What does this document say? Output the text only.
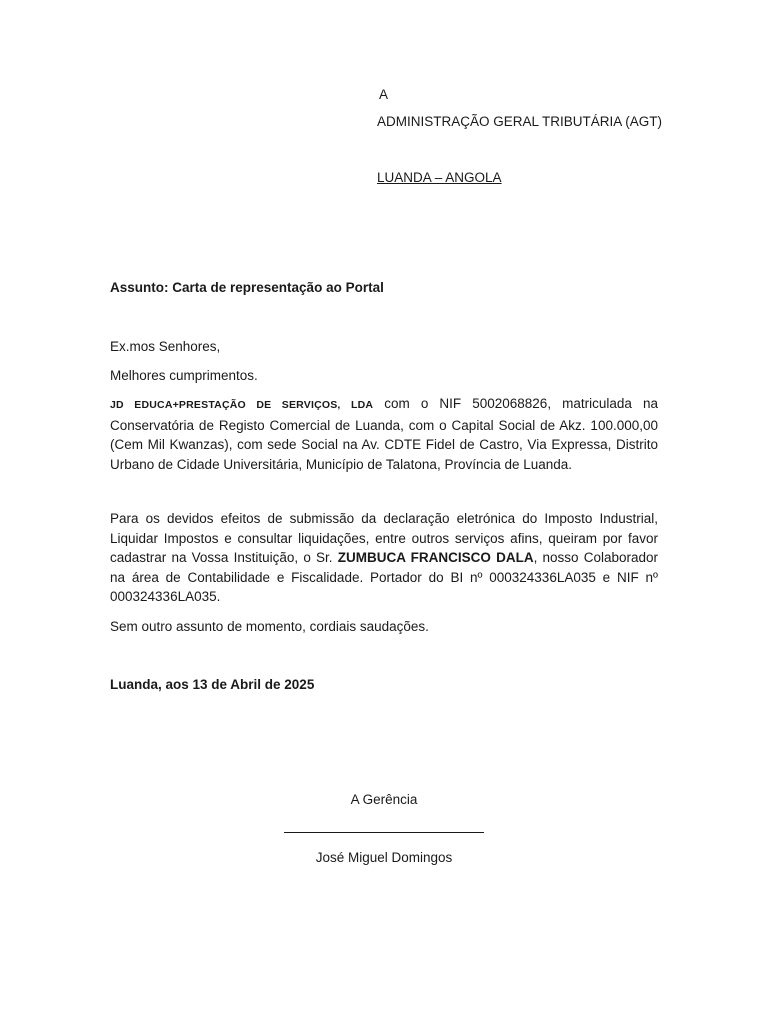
A
ADMINISTRAÇÃO GERAL TRIBUTÁRIA (AGT)
LUANDA – ANGOLA
Assunto: Carta de representação ao Portal
Ex.mos Senhores,
Melhores cumprimentos.
JD EDUCA+PRESTAÇÃO DE SERVIÇOS, LDA com o NIF 5002068826, matriculada na Conservatória de Registo Comercial de Luanda, com o Capital Social de Akz. 100.000,00 (Cem Mil Kwanzas), com sede Social na Av. CDTE Fidel de Castro, Via Expressa, Distrito Urbano de Cidade Universitária, Município de Talatona, Província de Luanda.
Para os devidos efeitos de submissão da declaração eletrónica do Imposto Industrial, Liquidar Impostos e consultar liquidações, entre outros serviços afins, queiram por favor cadastrar na Vossa Instituição, o Sr. ZUMBUCA FRANCISCO DALA, nosso Colaborador na área de Contabilidade e Fiscalidade. Portador do BI nº 000324336LA035 e NIF nº 000324336LA035.
Sem outro assunto de momento, cordiais saudações.
Luanda, aos 13 de Abril de 2025
A Gerência
José Miguel Domingos
